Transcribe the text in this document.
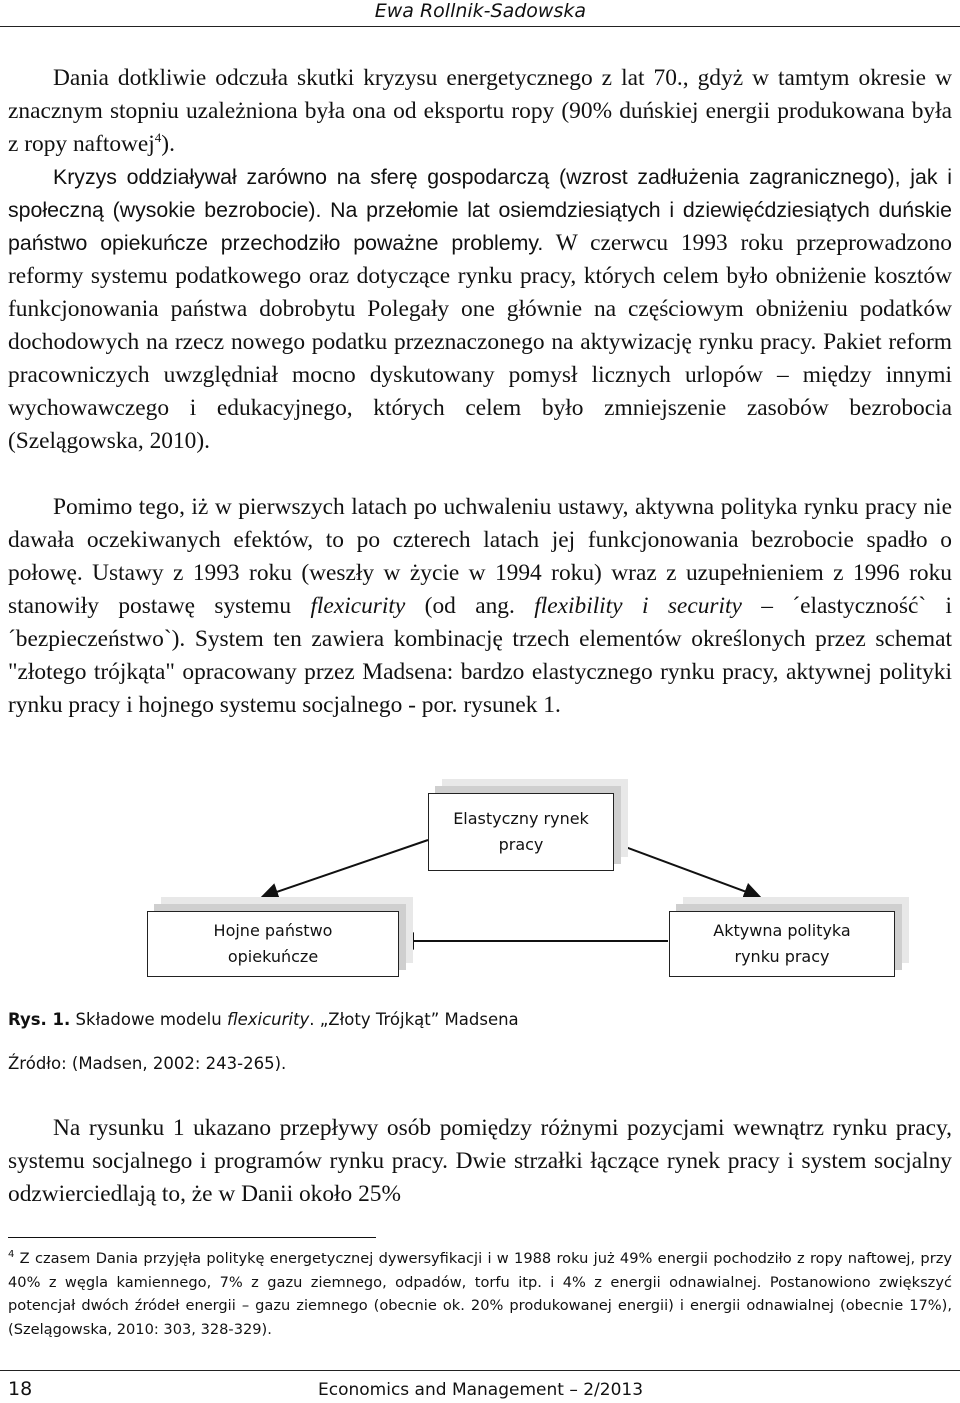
Ewa Rollnik-Sadowska

Dania dotkliwie odczuła skutki kryzysu energetycznego z lat 70., gdyż w tamtym okresie w znacznym stopniu uzależniona była ona od eksportu ropy (90% duńskiej energii produkowana była z ropy naftowej$^4$).

Kryzys oddziaływał zarówno na sferę gospodarczą (wzrost zadłużenia zagranicznego), jak i społeczną (wysokie bezrobocie). Na przełomie lat osiemdziesiątych i dziewięćdziesiątych duńskie państwo opiekuńcze przechodziło poważne problemy. W czerwcu 1993 roku przeprowadzono reformy systemu podatkowego oraz dotyczące rynku pracy, których celem było obniżenie kosztów funkcjonowania państwa dobrobytu Polegały one głównie na częściowym obniżeniu podatków dochodowych na rzecz nowego podatku przeznaczonego na aktywizację rynku pracy. Pakiet reform pracowniczych uwzględniał mocno dyskutowany pomysł licznych urlopów – między innymi wychowawczego i edukacyjnego, których celem było zmniejszenie zasobów bezrobocia (Szelągowska, 2010).

Pomimo tego, iż w pierwszych latach po uchwaleniu ustawy, aktywna polityka rynku pracy nie dawała oczekiwanych efektów, to po czterech latach jej funkcjonowania bezrobocie spadło o połowę. Ustawy z 1993 roku (weszły w życie w 1994 roku) wraz z uzupełnieniem z 1996 roku stanowiły postawę systemu flexicurity (od ang. flexibility i security – ´elastyczność` i ´bezpieczeństwo`). System ten zawiera kombinację trzech elementów określonych przez schemat "złotego trójkąta" opracowany przez Madsena: bardzo elastycznego rynku pracy, aktywnej polityki rynku pracy i hojnego systemu socjalnego - por. rysunek 1.

Elastyczny rynek
pracy
Hojne państwo
opiekuńcze
Aktywna polityka
rynku pracy
Rys. 1. Składowe modelu flexicurity. „Złoty Trójkąt” Madsena
Źródło: (Madsen, 2002: 243-265).

Na rysunku 1 ukazano przepływy osób pomiędzy różnymi pozycjami wewnątrz rynku pracy, systemu socjalnego i programów rynku pracy. Dwie strzałki łączące rynek pracy i system socjalny odzwierciedlają to, że w Danii około 25%

$^4$ Z czasem Dania przyjęła politykę energetycznej dywersyfikacji i w 1988 roku już 49% energii pochodziło z ropy naftowej, przy 40% z węgla kamiennego, 7% z gazu ziemnego, odpadów, torfu itp. i 4% z energii odnawialnej. Postanowiono zwiększyć potencjał dwóch źródeł energii – gazu ziemnego (obecnie ok. 20% produkowanej energii) i energii odnawialnej (obecnie 17%), (Szelągowska, 2010: 303, 328-329).
18	Economics and Management – 2/2013
